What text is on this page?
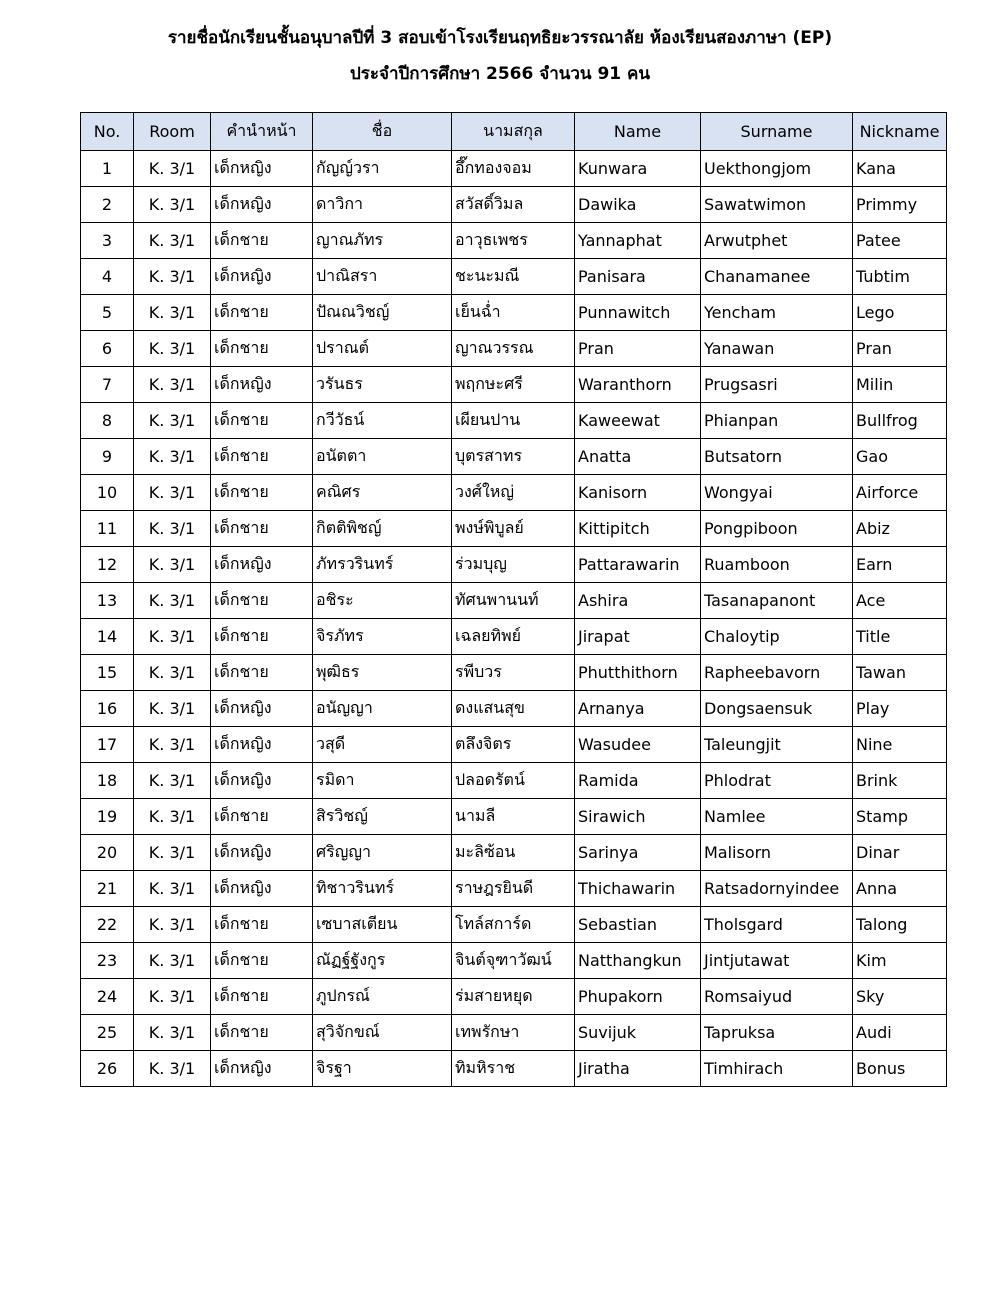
รายชื่อนักเรียนชั้นอนุบาลปีที่ 3 สอบเข้าโรงเรียนฤทธิยะวรรณาลัย ห้องเรียนสองภาษา (EP)
ประจำปีการศึกษา 2566 จำนวน 91 คน
No.	Room	คำนำหน้า	ชื่อ	นามสกุล	Name	Surname	Nickname
1	K. 3/1	เด็กหญิง	กัญญ์วรา	อึ๊กทองจอม	Kunwara	Uekthongjom	Kana
2	K. 3/1	เด็กหญิง	ดาวิกา	สวัสดิ์วิมล	Dawika	Sawatwimon	Primmy
3	K. 3/1	เด็กชาย	ญาณภัทร	อาวุธเพชร	Yannaphat	Arwutphet	Patee
4	K. 3/1	เด็กหญิง	ปาณิสรา	ชะนะมณี	Panisara	Chanamanee	Tubtim
5	K. 3/1	เด็กชาย	ปัณณวิชญ์	เย็นฉ่ำ	Punnawitch	Yencham	Lego
6	K. 3/1	เด็กชาย	ปราณต์	ญาณวรรณ	Pran	Yanawan	Pran
7	K. 3/1	เด็กหญิง	วรันธร	พฤกษะศรี	Waranthorn	Prugsasri	Milin
8	K. 3/1	เด็กชาย	กวีวัธน์	เผียนปาน	Kaweewat	Phianpan	Bullfrog
9	K. 3/1	เด็กชาย	อนัตตา	บุตรสาทร	Anatta	Butsatorn	Gao
10	K. 3/1	เด็กชาย	คณิศร	วงศ์ใหญ่	Kanisorn	Wongyai	Airforce
11	K. 3/1	เด็กชาย	กิตติพิชญ์	พงษ์พิบูลย์	Kittipitch	Pongpiboon	Abiz
12	K. 3/1	เด็กหญิง	ภัทรวรินทร์	ร่วมบุญ	Pattarawarin	Ruamboon	Earn
13	K. 3/1	เด็กชาย	อชิระ	ทัศนพานนท์	Ashira	Tasanapanont	Ace
14	K. 3/1	เด็กชาย	จิรภัทร	เฉลยทิพย์	Jirapat	Chaloytip	Title
15	K. 3/1	เด็กชาย	พุฒิธร	รพีบวร	Phutthithorn	Rapheebavorn	Tawan
16	K. 3/1	เด็กหญิง	อนัญญา	ดงแสนสุข	Arnanya	Dongsaensuk	Play
17	K. 3/1	เด็กหญิง	วสุดี	ตลึงจิตร	Wasudee	Taleungjit	Nine
18	K. 3/1	เด็กหญิง	รมิดา	ปลอดรัตน์	Ramida	Phlodrat	Brink
19	K. 3/1	เด็กชาย	สิรวิชญ์	นามลี	Sirawich	Namlee	Stamp
20	K. 3/1	เด็กหญิง	ศริญญา	มะลิซ้อน	Sarinya	Malisorn	Dinar
21	K. 3/1	เด็กหญิง	ทิชาวรินทร์	ราษฎรยินดี	Thichawarin	Ratsadornyindee	Anna
22	K. 3/1	เด็กชาย	เซบาสเตียน	โทล์สการ์ด	Sebastian	Tholsgard	Talong
23	K. 3/1	เด็กชาย	ณัฏฐ์ฐังกูร	จินต์จุฑาวัฒน์	Natthangkun	Jintjutawat	Kim
24	K. 3/1	เด็กชาย	ภูปกรณ์	ร่มสายหยุด	Phupakorn	Romsaiyud	Sky
25	K. 3/1	เด็กชาย	สุวิจักขณ์	เทพรักษา	Suvijuk	Tapruksa	Audi
26	K. 3/1	เด็กหญิง	จิรฐา	ทิมหิราช	Jiratha	Timhirach	Bonus
